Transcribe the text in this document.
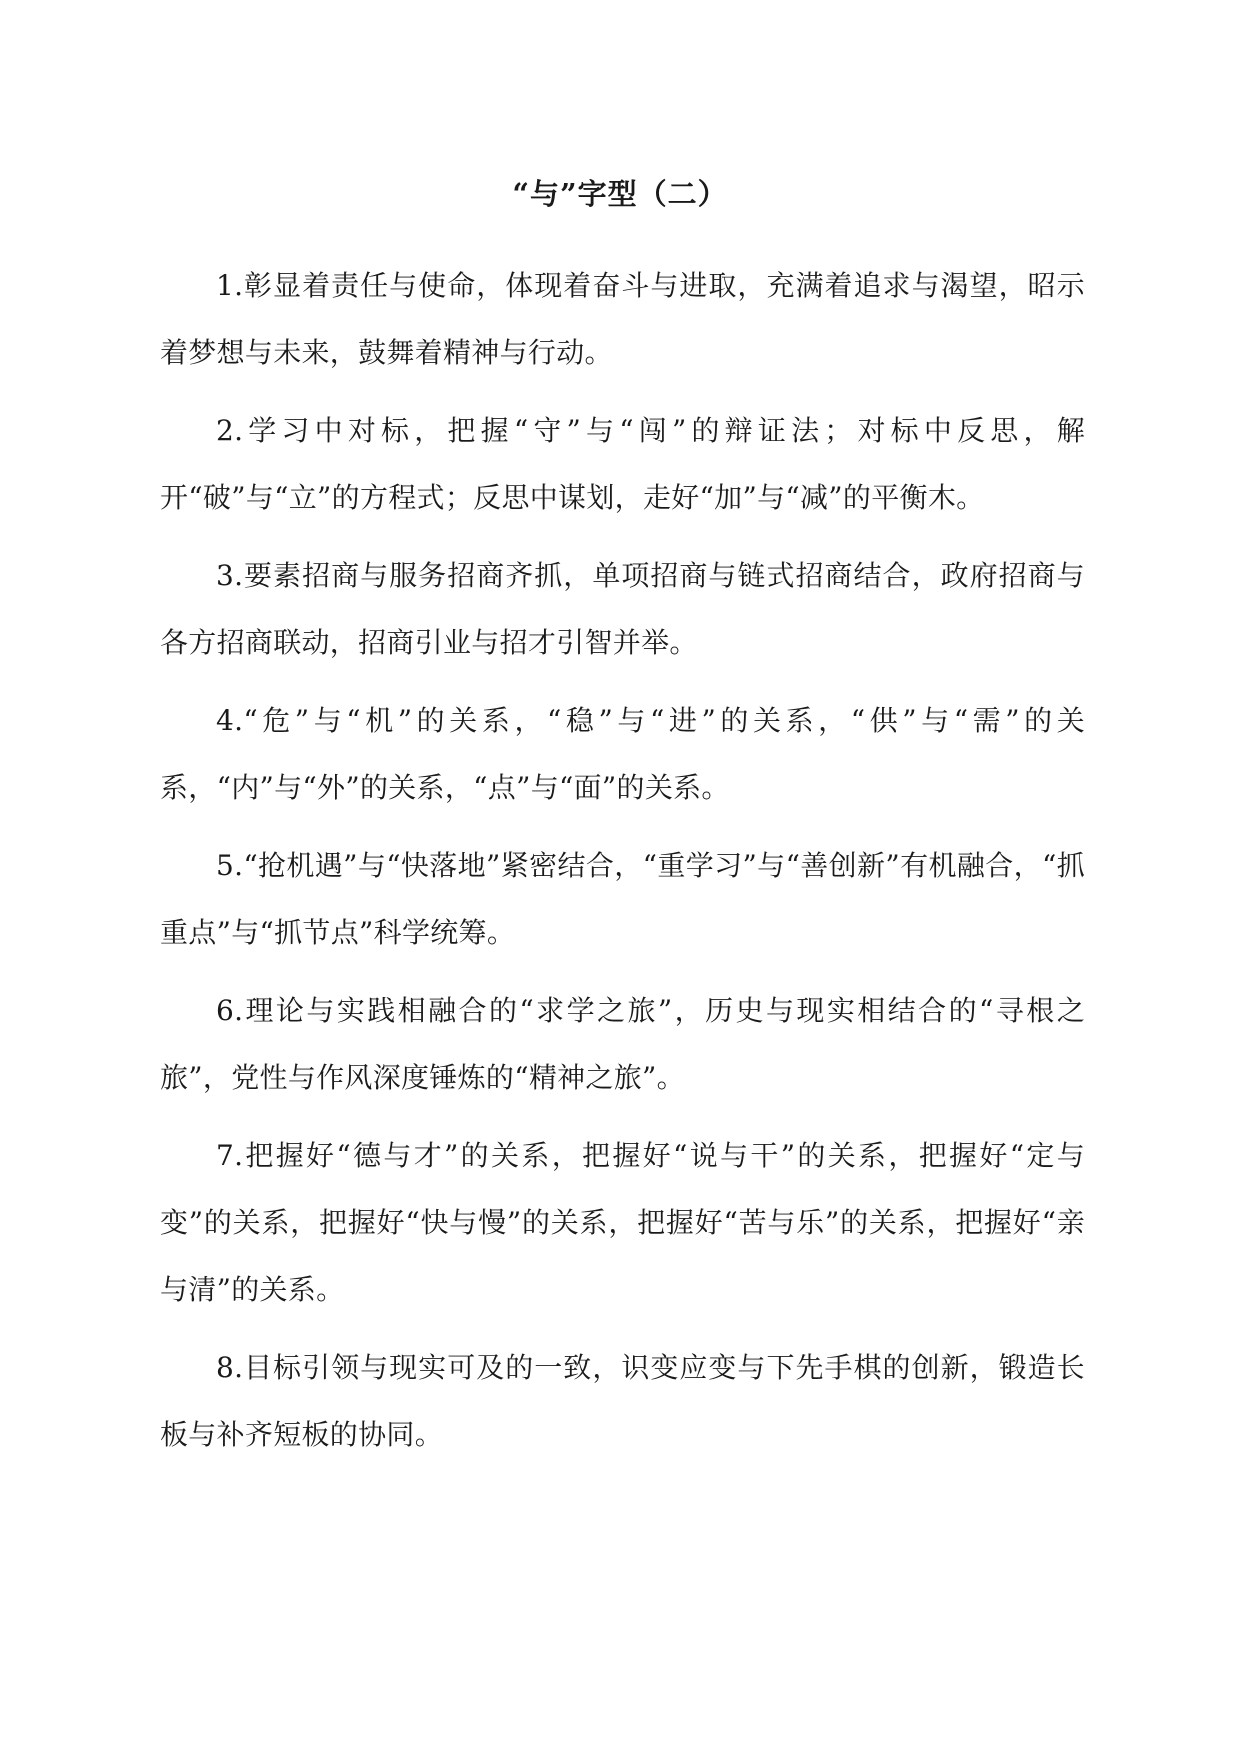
“与”字型（二）

1.彰显着责任与使命，体现着奋斗与进取，充满着追求与渴望，昭示着梦想与未来，鼓舞着精神与行动。

2.学习中对标，把握“守”与“闯”的辩证法；对标中反思，解开“破”与“立”的方程式；反思中谋划，走好“加”与“减”的平衡木。

3.要素招商与服务招商齐抓，单项招商与链式招商结合，政府招商与各方招商联动，招商引业与招才引智并举。

4.“危”与“机”的关系，“稳”与“进”的关系，“供”与“需”的关系，“内”与“外”的关系，“点”与“面”的关系。

5.“抢机遇”与“快落地”紧密结合，“重学习”与“善创新”有机融合，“抓重点”与“抓节点”科学统筹。

6.理论与实践相融合的“求学之旅”，历史与现实相结合的“寻根之旅”，党性与作风深度锤炼的“精神之旅”。

7.把握好“德与才”的关系，把握好“说与干”的关系，把握好“定与变”的关系，把握好“快与慢”的关系，把握好“苦与乐”的关系，把握好“亲与清”的关系。

8.目标引领与现实可及的一致，识变应变与下先手棋的创新，锻造长板与补齐短板的协同。
